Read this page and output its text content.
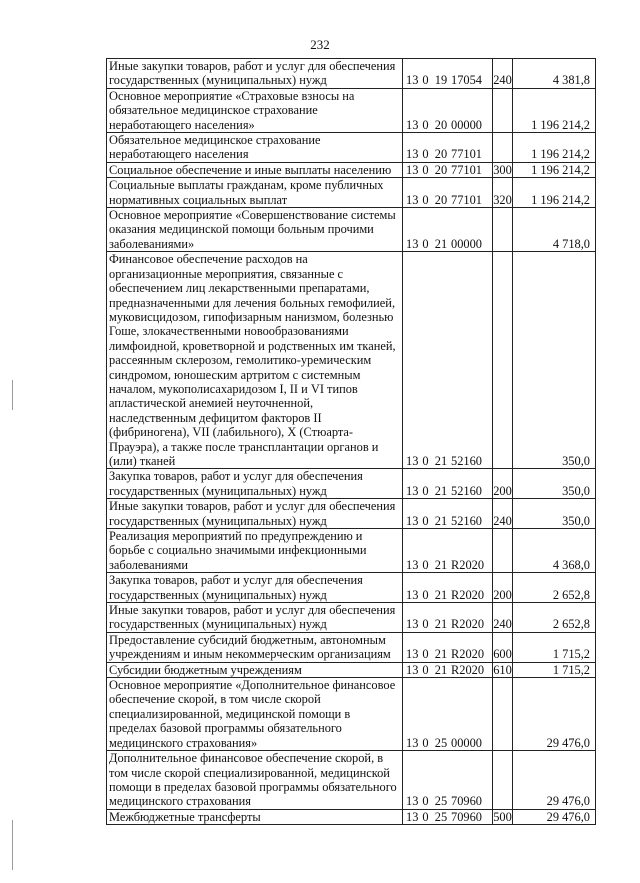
232
Иные закупки товаров, работ и услуг для обеспечения государственных (муниципальных) нужд	13 0 19 17054	240	4 381,8
Основное мероприятие «Страховые взносы на обязательное медицинское страхование неработающего населения»	13 0 20 00000		1 196 214,2
Обязательное медицинское страхование неработающего населения	13 0 20 77101		1 196 214,2
Социальное обеспечение и иные выплаты населению	13 0 20 77101	300	1 196 214,2
Социальные выплаты гражданам, кроме публичных нормативных социальных выплат	13 0 20 77101	320	1 196 214,2
Основное мероприятие «Совершенствование системы оказания медицинской помощи больным прочими заболеваниями»	13 0 21 00000		4 718,0
Финансовое обеспечение расходов на организационные мероприятия, связанные с обеспечением лиц лекарственными препаратами, предназначенными для лечения больных гемофилией, муковисцидозом, гипофизарным нанизмом, болезнью Гоше, злокачественными новообразованиями лимфоидной, кроветворной и родственных им тканей, рассеянным склерозом, гемолитико-уремическим синдромом, юношеским артритом с системным началом, мукополисахаридозом I, II и VI типов апластической анемией неуточненной, наследственным дефицитом факторов II (фибриногена), VII (лабильного), X (Стюарта-Прауэра), а также после трансплантации органов и (или) тканей	13 0 21 52160		350,0
Закупка товаров, работ и услуг для обеспечения государственных (муниципальных) нужд	13 0 21 52160	200	350,0
Иные закупки товаров, работ и услуг для обеспечения государственных (муниципальных) нужд	13 0 21 52160	240	350,0
Реализация мероприятий по предупреждению и борьбе с социально значимыми инфекционными заболеваниями	13 0 21 R2020		4 368,0
Закупка товаров, работ и услуг для обеспечения государственных (муниципальных) нужд	13 0 21 R2020	200	2 652,8
Иные закупки товаров, работ и услуг для обеспечения государственных (муниципальных) нужд	13 0 21 R2020	240	2 652,8
Предоставление субсидий бюджетным, автономным учреждениям и иным некоммерческим организациям	13 0 21 R2020	600	1 715,2
Субсидии бюджетным учреждениям	13 0 21 R2020	610	1 715,2
Основное мероприятие «Дополнительное финансовое обеспечение скорой, в том числе скорой специализированной, медицинской помощи в пределах базовой программы обязательного медицинского страхования»	13 0 25 00000		29 476,0
Дополнительное финансовое обеспечение скорой, в том числе скорой специализированной, медицинской помощи в пределах базовой программы обязательного медицинского страхования	13 0 25 70960		29 476,0
Межбюджетные трансферты	13 0 25 70960	500	29 476,0
